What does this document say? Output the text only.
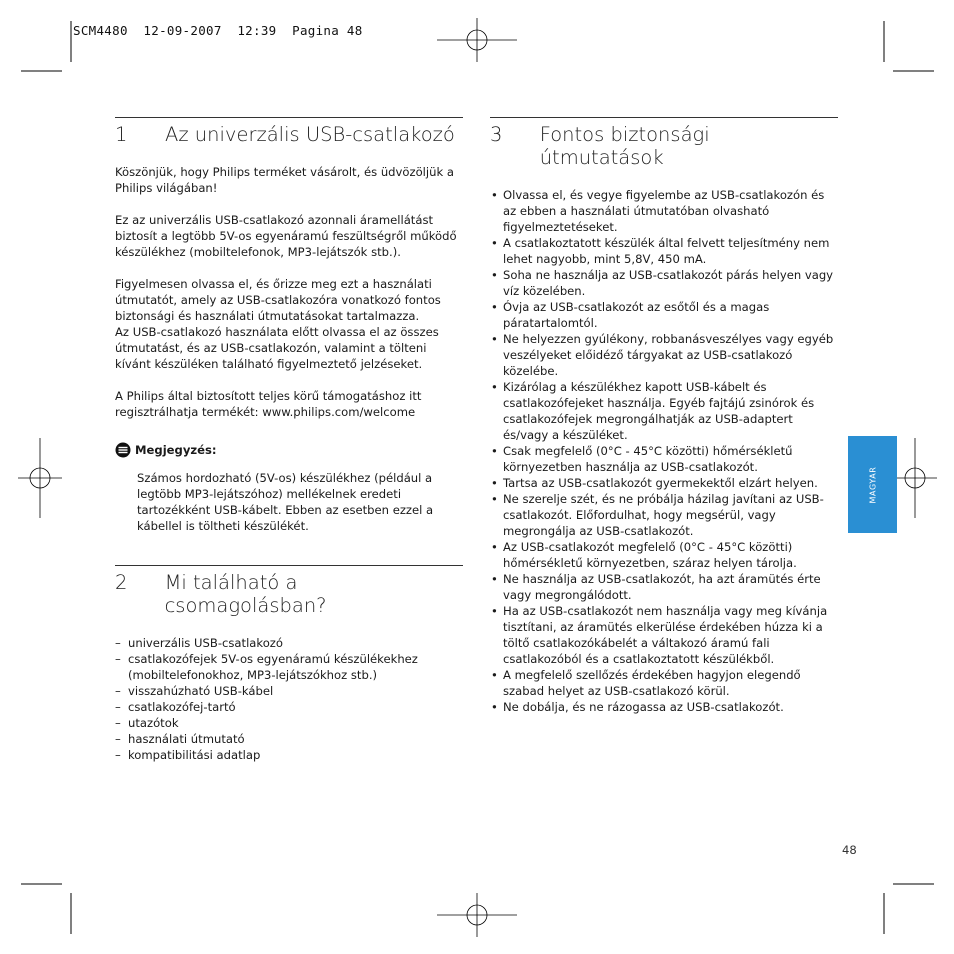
SCM4480  12-09-2007  12:39  Pagina 48
1	Az univerzális USB-csatlakozó

Köszönjük, hogy Philips terméket vásárolt, és üdvözöljük a Philips világában!

Ez az univerzális USB-csatlakozó azonnali áramellátást biztosít a legtöbb 5V-os egyenáramú feszültségről működő készülékhez (mobiltelefonok, MP3-lejátszók stb.).

Figyelmesen olvassa el, és őrizze meg ezt a használati útmutatót, amely az USB-csatlakozóra vonatkozó fontos biztonsági és használati útmutatásokat tartalmazza.

Az USB-csatlakozó használata előtt olvassa el az összes útmutatást, és az USB-csatlakozón, valamint a tölteni kívánt készüléken található figyelmeztető jelzéseket.

A Philips által biztosított teljes körű támogatáshoz itt regisztrálhatja termékét: www.philips.com/welcome

Megjegyzés:

Számos hordozható (5V-os) készülékhez (például a legtöbb MP3-lejátszóhoz) mellékelnek eredeti tartozékként USB-kábelt. Ebben az esetben ezzel a kábellel is töltheti készülékét.

2	Mi található a csomagolásban?
– univerzális USB-csatlakozó
– csatlakozófejek 5V-os egyenáramú készülékekhez (mobiltelefonokhoz, MP3-lejátszókhoz stb.)
– visszahúzható USB-kábel
– csatlakozófej-tartó
– utazótok
– használati útmutató
– kompatibilitási adatlap
3	Fontos biztonsági útmutatások
• Olvassa el, és vegye figyelembe az USB-csatlakozón és az ebben a használati útmutatóban olvasható figyelmeztetéseket.
• A csatlakoztatott készülék által felvett teljesítmény nem lehet nagyobb, mint 5,8V, 450 mA.
• Soha ne használja az USB-csatlakozót párás helyen vagy víz közelében.
• Óvja az USB-csatlakozót az esőtől és a magas páratartalomtól.
• Ne helyezzen gyúlékony, robbanásveszélyes vagy egyéb veszélyeket előidéző tárgyakat az USB-csatlakozó közelébe.
• Kizárólag a készülékhez kapott USB-kábelt és csatlakozófejeket használja. Egyéb fajtájú zsinórok és csatlakozófejek megrongálhatják az USB-adaptert és/vagy a készüléket.
• Csak megfelelő (0°C - 45°C közötti) hőmérsékletű környezetben használja az USB-csatlakozót.
• Tartsa az USB-csatlakozót gyermekektől elzárt helyen.
• Ne szerelje szét, és ne próbálja házilag javítani az USB-csatlakozót. Előfordulhat, hogy megsérül, vagy megrongálja az USB-csatlakozót.
• Az USB-csatlakozót megfelelő (0°C - 45°C közötti) hőmérsékletű környezetben, száraz helyen tárolja.
• Ne használja az USB-csatlakozót, ha azt áramütés érte vagy megrongálódott.
• Ha az USB-csatlakozót nem használja vagy meg kívánja tisztítani, az áramütés elkerülése érdekében húzza ki a töltő csatlakozókábelét a váltakozó áramú fali csatlakozóból és a csatlakoztatott készülékből.
• A megfelelő szellőzés érdekében hagyjon elegendő szabad helyet az USB-csatlakozó körül.
• Ne dobálja, és ne rázogassa az USB-csatlakozót.
MAGYAR
48
